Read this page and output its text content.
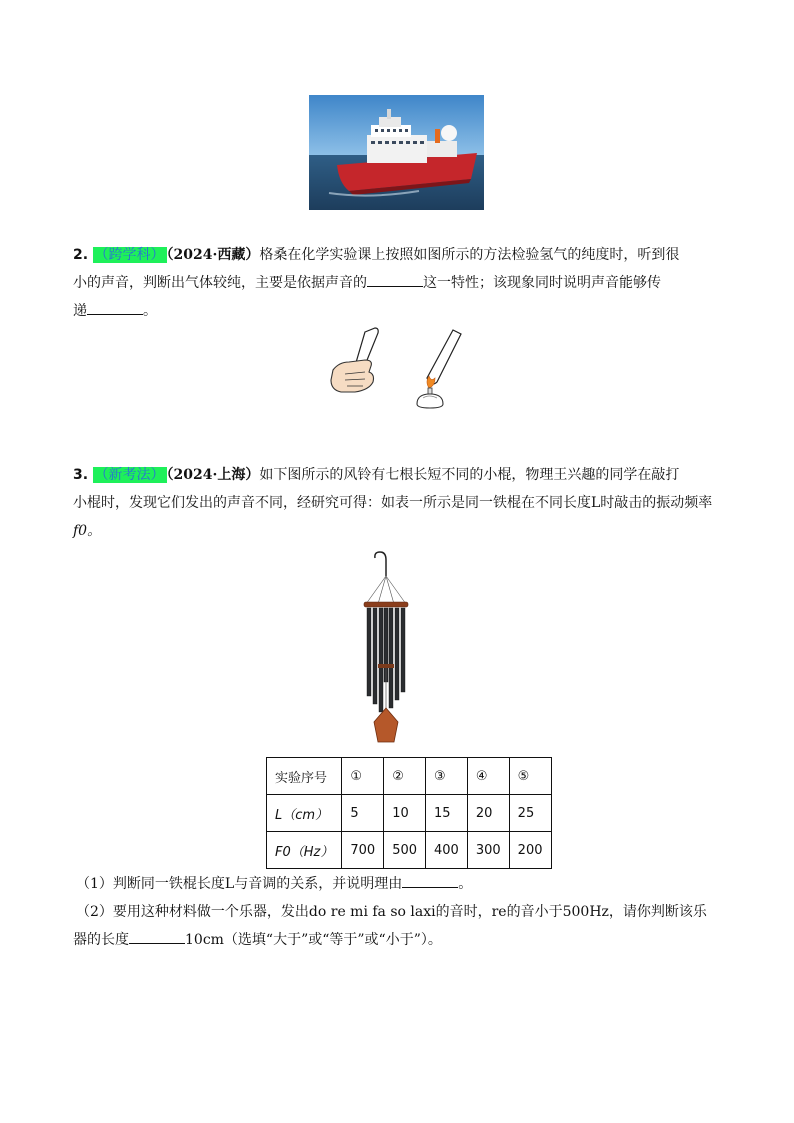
2. （跨学科） （2024·西藏）格桑在化学实验课上按照如图所示的方法检验氢气的纯度时，听到很
小的声音，判断出气体较纯，主要是依据声音的	这一特性；该现象同时说明声音能够传
递	。
3. （新考法） （2024·上海）如下图所示的风铃有七根长短不同的小棍，物理王兴趣的同学在敲打
小棍时，发现它们发出的声音不同，经研究可得：如表一所示是同一铁棍在不同长度L时敲击的振动频率
f0。
实验序号	①	②	③	④	⑤
L（cm）	5	10	15	20	25
F0（Hz）	700	500	400	300	200
（1）判断同一铁棍长度L与音调的关系，并说明理由	。
（2）要用这种材料做一个乐器，发出do re mi fa so laxi的音时，re的音小于500Hz，请你判断该乐
器的长度	10cm（选填“大于”或“等于”或“小于”）。
